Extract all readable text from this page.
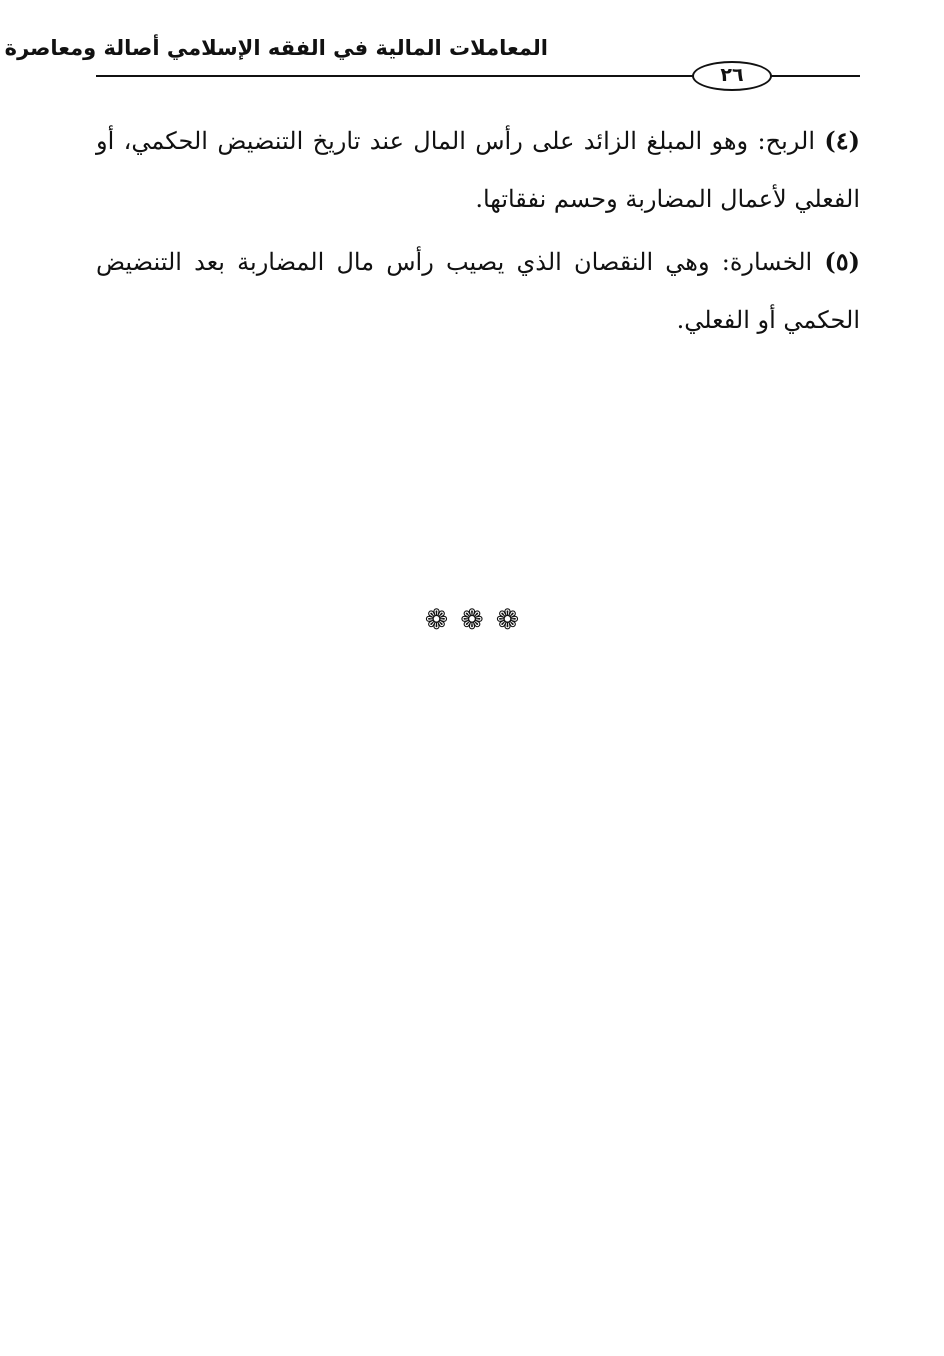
المعاملات المالية في الفقه الإسلامي أصالة ومعاصرة
٢٦

(٤) الربح: وهو المبلغ الزائد على رأس المال عند تاريخ التنضيض الحكمي، أو الفعلي لأعمال المضاربة وحسم نفقاتها.

(٥) الخسارة: وهي النقصان الذي يصيب رأس مال المضاربة بعد التنضيض الحكمي أو الفعلي.

❁ ❁ ❁
